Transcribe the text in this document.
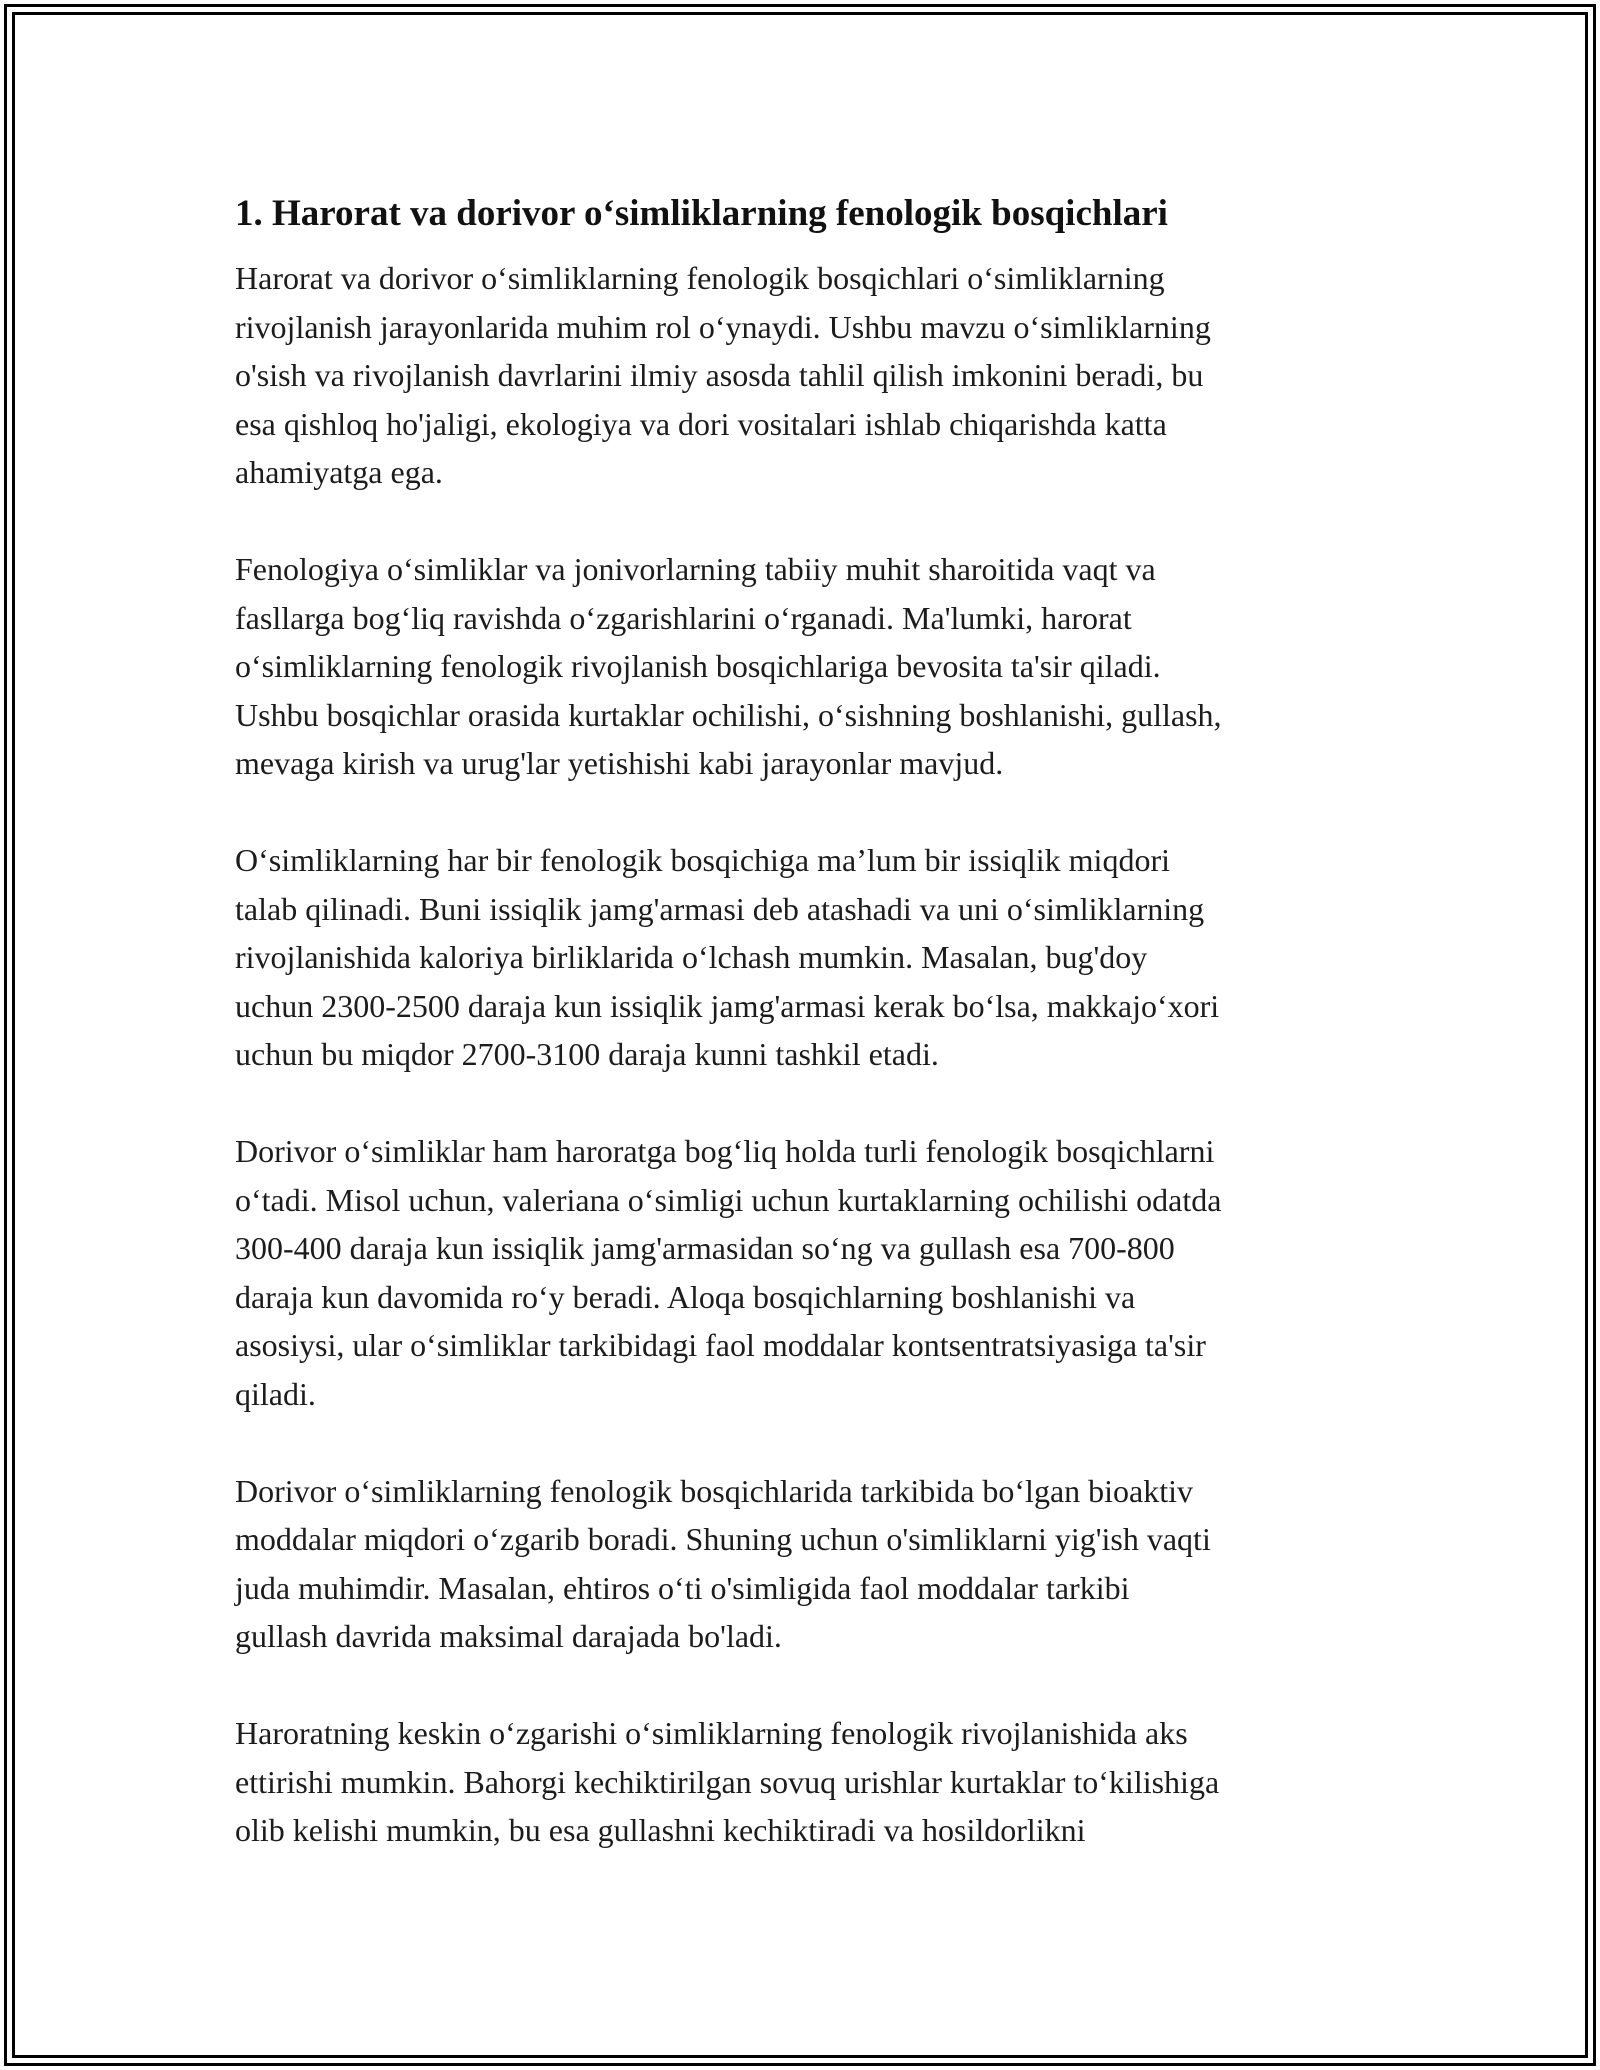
1. Harorat va dorivor o‘simliklarning fenologik bosqichlari

Harorat va dorivor o‘simliklarning fenologik bosqichlari o‘simliklarning
rivojlanish jarayonlarida muhim rol o‘ynaydi. Ushbu mavzu o‘simliklarning
o'sish va rivojlanish davrlarini ilmiy asosda tahlil qilish imkonini beradi, bu
esa qishloq ho'jaligi, ekologiya va dori vositalari ishlab chiqarishda katta
ahamiyatga ega.

Fenologiya o‘simliklar va jonivorlarning tabiiy muhit sharoitida vaqt va
fasllarga bog‘liq ravishda o‘zgarishlarini o‘rganadi. Ma'lumki, harorat
o‘simliklarning fenologik rivojlanish bosqichlariga bevosita ta'sir qiladi.
Ushbu bosqichlar orasida kurtaklar ochilishi, o‘sishning boshlanishi, gullash,
mevaga kirish va urug'lar yetishishi kabi jarayonlar mavjud.

O‘simliklarning har bir fenologik bosqichiga ma’lum bir issiqlik miqdori
talab qilinadi. Buni issiqlik jamg'armasi deb atashadi va uni o‘simliklarning
rivojlanishida kaloriya birliklarida o‘lchash mumkin. Masalan, bug'doy
uchun 2300-2500 daraja kun issiqlik jamg'armasi kerak bo‘lsa, makkajo‘xori
uchun bu miqdor 2700-3100 daraja kunni tashkil etadi.

Dorivor o‘simliklar ham haroratga bog‘liq holda turli fenologik bosqichlarni
o‘tadi. Misol uchun, valeriana o‘simligi uchun kurtaklarning ochilishi odatda
300-400 daraja kun issiqlik jamg'armasidan so‘ng va gullash esa 700-800
daraja kun davomida ro‘y beradi. Aloqa bosqichlarning boshlanishi va
asosiysi, ular o‘simliklar tarkibidagi faol moddalar kontsentratsiyasiga ta'sir
qiladi.

Dorivor o‘simliklarning fenologik bosqichlarida tarkibida bo‘lgan bioaktiv
moddalar miqdori o‘zgarib boradi. Shuning uchun o'simliklarni yig'ish vaqti
juda muhimdir. Masalan, ehtiros o‘ti o'simligida faol moddalar tarkibi
gullash davrida maksimal darajada bo'ladi.

Haroratning keskin o‘zgarishi o‘simliklarning fenologik rivojlanishida aks
ettirishi mumkin. Bahorgi kechiktirilgan sovuq urishlar kurtaklar to‘kilishiga
olib kelishi mumkin, bu esa gullashni kechiktiradi va hosildorlikni
